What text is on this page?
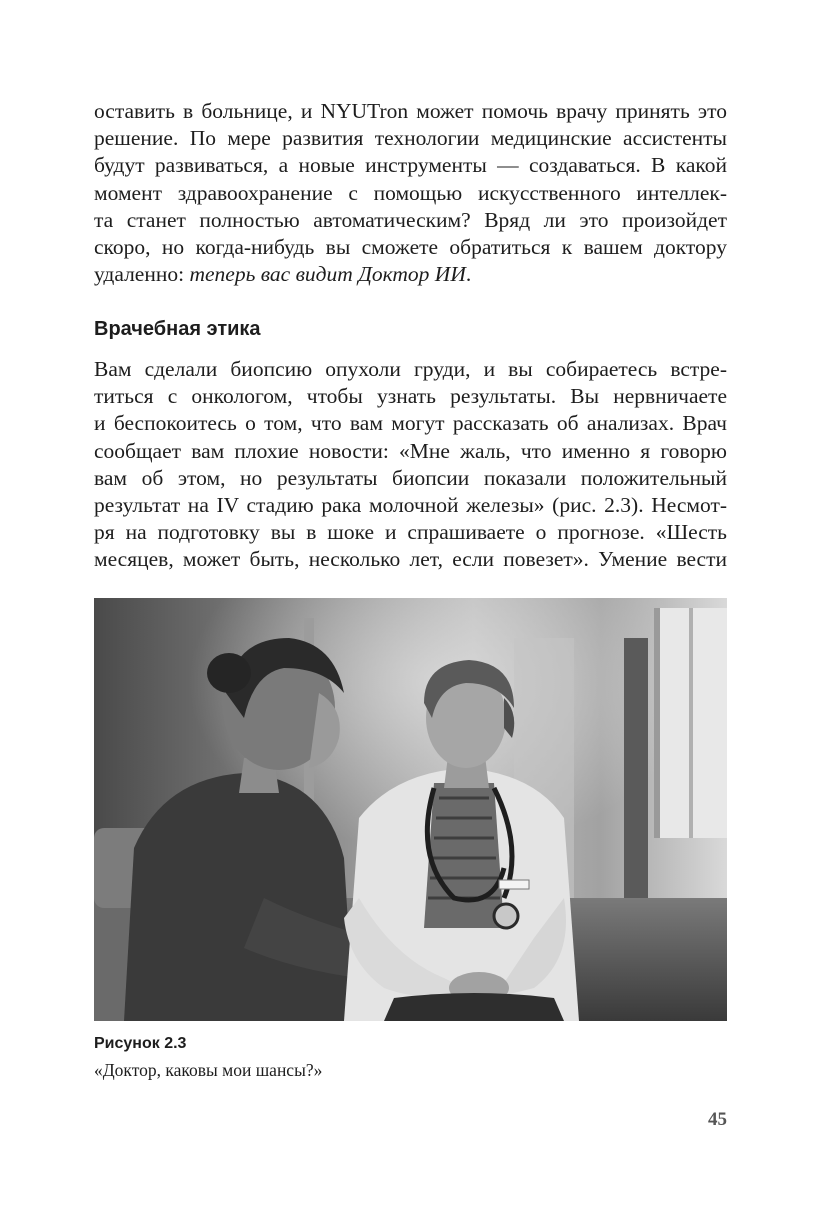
оставить в больнице, и NYUTron может помочь врачу принять это
решение. По мере развития технологии медицинские ассистенты
будут развиваться, а новые инструменты — создаваться. В какой
момент здравоохранение с помощью искусственного интеллек-
та станет полностью автоматическим? Вряд ли это произойдет
скоро, но когда-нибудь вы сможете обратиться к вашем доктору
удаленно: теперь вас видит Доктор ИИ.

Врачебная этика

Вам сделали биопсию опухоли груди, и вы собираетесь встре-
титься с онкологом, чтобы узнать результаты. Вы нервничаете
и беспокоитесь о том, что вам могут рассказать об анализах. Врач
сообщает вам плохие новости: «Мне жаль, что именно я говорю
вам об этом, но результаты биопсии показали положительный
результат на IV стадию рака молочной железы» (рис. 2.3). Несмот-
ря на подготовку вы в шоке и спрашиваете о прогнозе. «Шесть
месяцев, может быть, несколько лет, если повезет». Умение вести

Рисунок 2.3

«Доктор, каковы мои шансы?»

45
